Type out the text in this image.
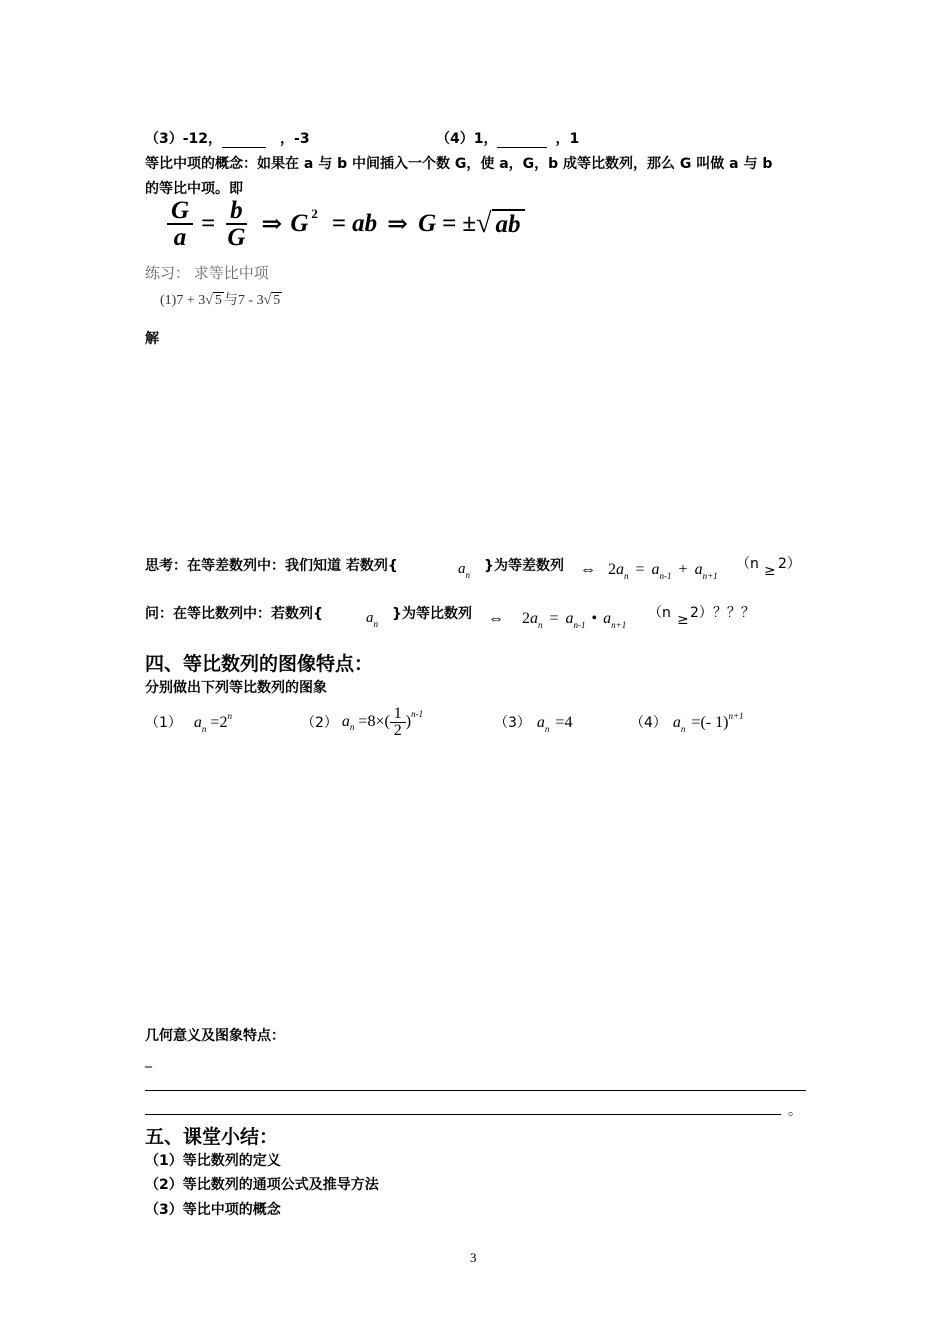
（3）-12，	，-3	（4）1，	，1
等比中项的概念：如果在 a 与 b 中间插入一个数 G，使 a，G，b 成等比数列，那么 G 叫做 a 与 b
的等比中项。即
$\frac{G}{a} = \frac{b}{G}$ ⇒ G 2 = ab ⇒ G = ± √ ab
练习： 求等比中项
(1)7 + 3√ 5 与7 - 3√ 5
解
思考：在等差数列中：我们知道 若数列{	$a_n$
}为等差数列 ⇔ $2a_n = a_{n-1} + a_{n+1}$
（n 2）
≥
问：在等比数列中：若数列{	$a_n$
}为等比数列 ⇔ $2a_n = a_{n-1}$ • $a_{n+1}$
（n 2）？？？
≥
四、等比数列的图像特点：
分别做出下列等比数列的图象
（1） $a_n =2^n$	（2） a $n =8\times( \frac{1}{2}$ ) n-1
（3） $a_n =4$	（4） $a_n$ =(- 1)$^{n+1}$
几何意义及图象特点：
_
。
五、课堂小结：
（1）等比数列的定义
（2）等比数列的通项公式及推导方法
（3）等比中项的概念
3
